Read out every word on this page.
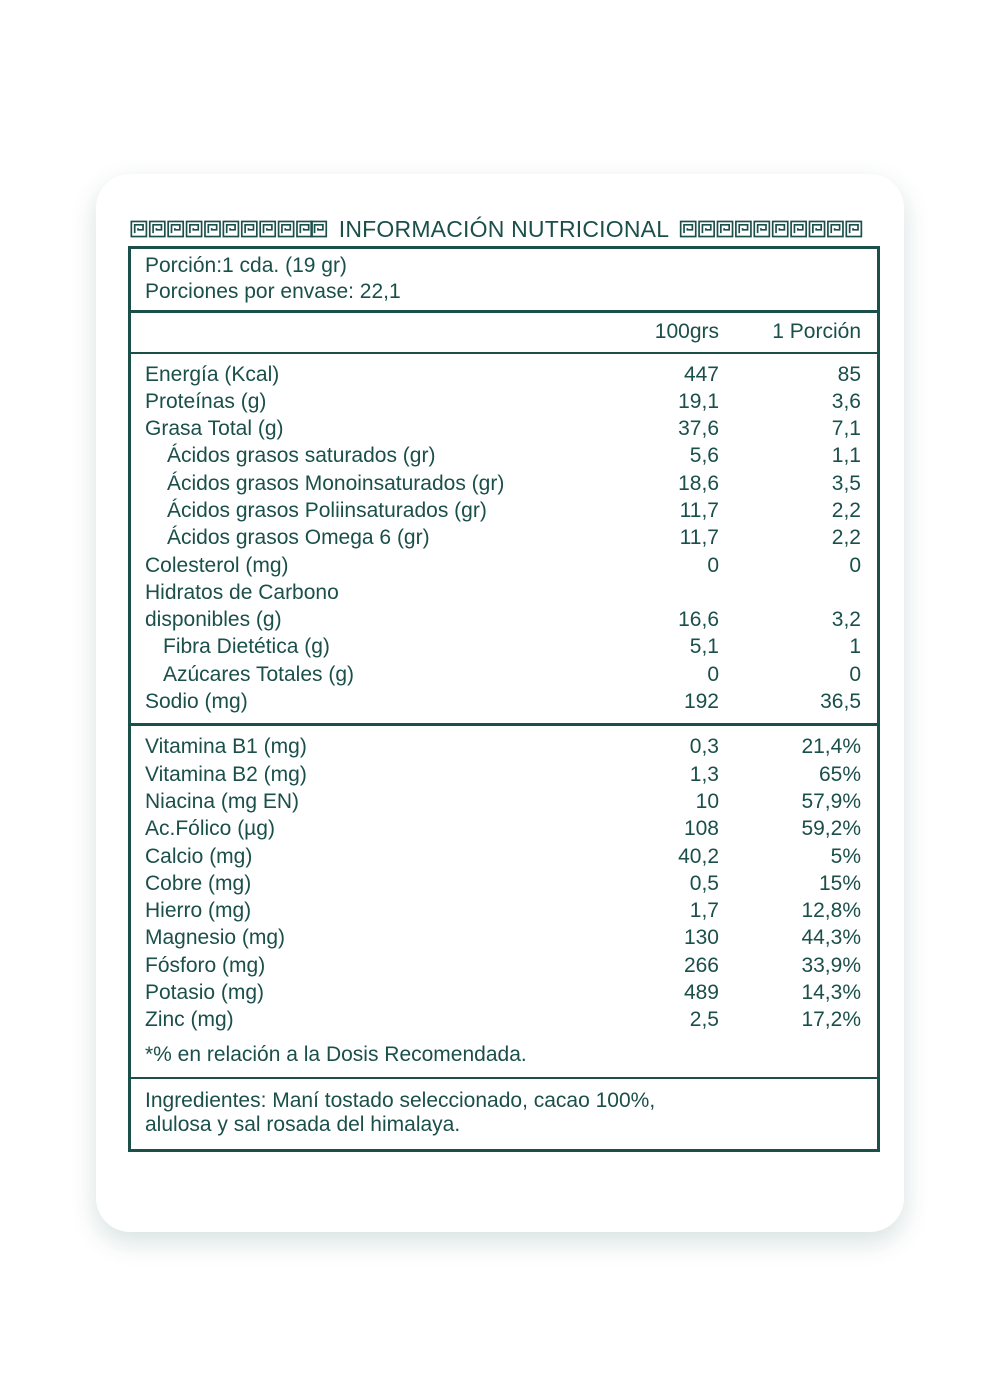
INFORMACIÓN NUTRICIONAL
Porción:1 cda. (19 gr)
Porciones por envase: 22,1
	100grs	1 Porción
Energía (Kcal)	447	85
Proteínas (g)	19,1	3,6
Grasa Total (g)	37,6	7,1
Ácidos grasos saturados (gr)	5,6	1,1
Ácidos grasos Monoinsaturados (gr)	18,6	3,5
Ácidos grasos Poliinsaturados (gr)	11,7	2,2
Ácidos grasos Omega 6 (gr)	11,7	2,2
Colesterol (mg)	0	0
Hidratos de Carbono		
disponibles (g)	16,6	3,2
Fibra Dietética (g)	5,1	1
Azúcares Totales (g)	0	0
Sodio (mg)	192	36,5
Vitamina B1 (mg)	0,3	21,4%
Vitamina B2 (mg)	1,3	65%
Niacina (mg EN)	10	57,9%
Ac.Fólico (µg)	108	59,2%
Calcio (mg)	40,2	5%
Cobre (mg)	0,5	15%
Hierro (mg)	1,7	12,8%
Magnesio (mg)	130	44,3%
Fósforo (mg)	266	33,9%
Potasio (mg)	489	14,3%
Zinc (mg)	2,5	17,2%
*% en relación a la Dosis Recomendada.
Ingredientes: Maní tostado seleccionado, cacao 100%,
alulosa y sal rosada del himalaya.
